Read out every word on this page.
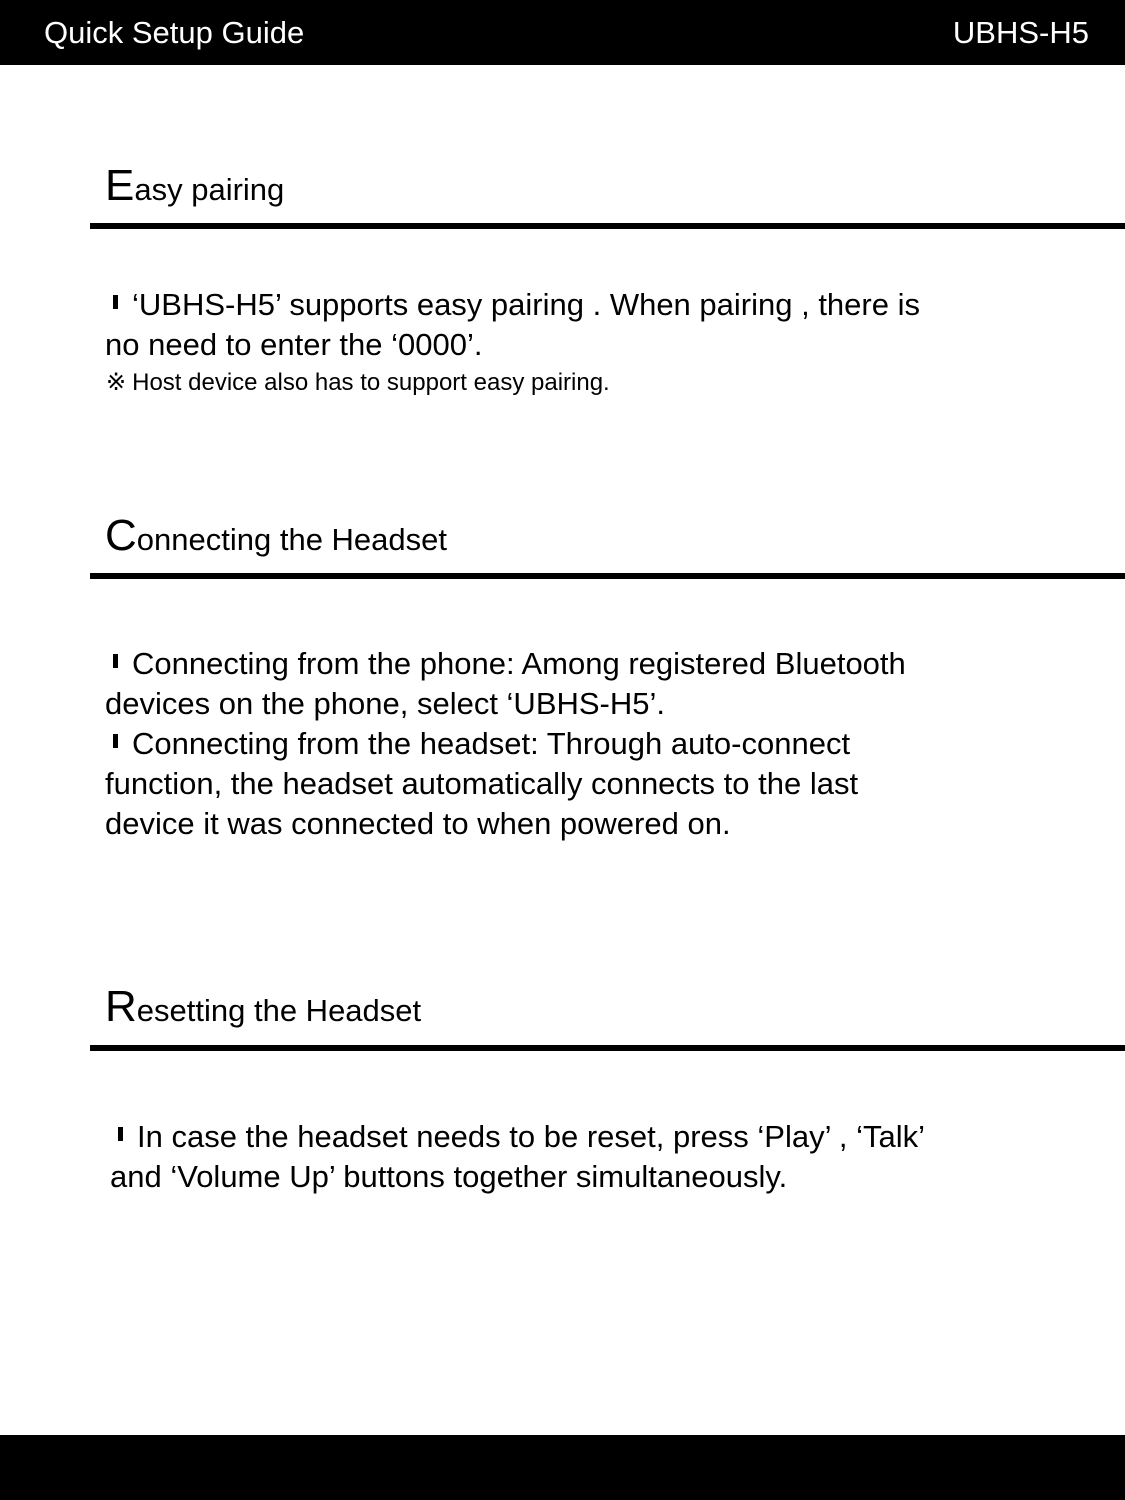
Quick Setup Guide	UBHS-H5
Easy pairing
‘UBHS-H5’ supports easy pairing . When pairing , there is
no need to enter the ‘0000’.
※ Host device also has to support easy pairing.
Connecting the Headset
Connecting from the phone: Among registered Bluetooth
devices on the phone, select ‘UBHS-H5’.
Connecting from the headset: Through auto-connect
function, the headset automatically connects to the last
device it was connected to when powered on.
Resetting the Headset
In case the headset needs to be reset, press ‘Play’ , ‘Talk’
and ‘Volume Up’ buttons together simultaneously.
